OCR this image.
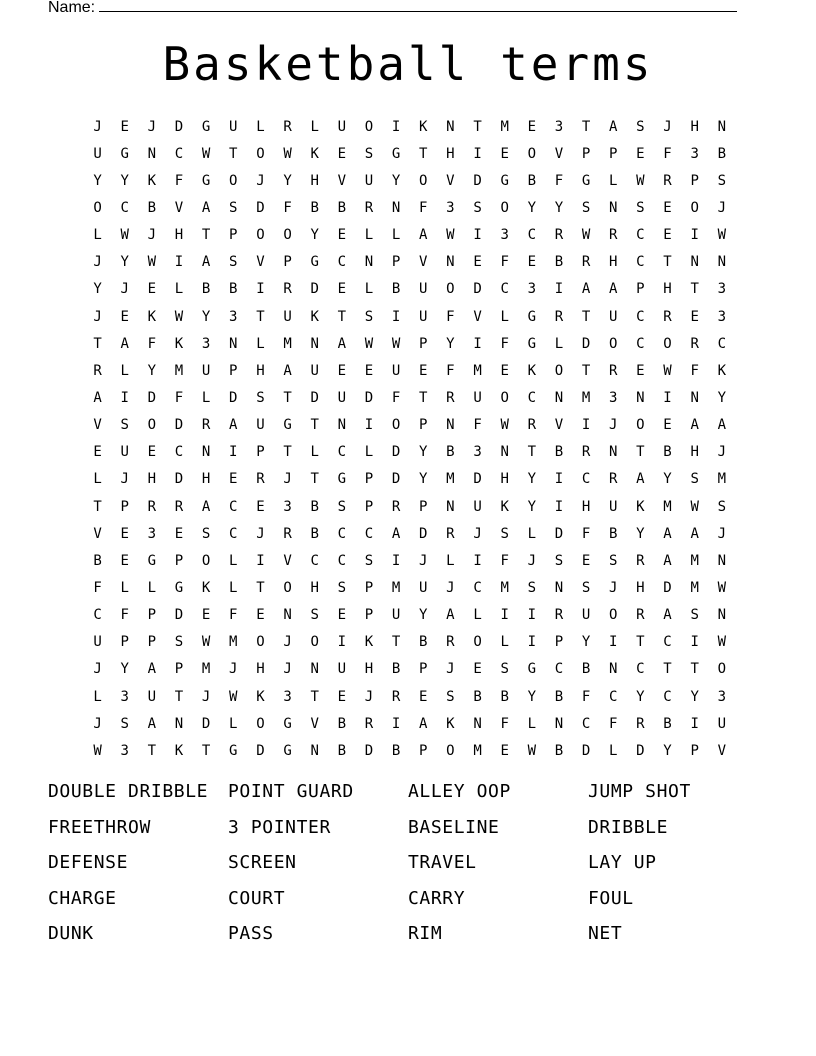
Name:
Basketball terms
J	E	J	D	G	U	L	R	L	U	O	I	K	N	T	M	E	3	T	A	S	J	H	N
U	G	N	C	W	T	O	W	K	E	S	G	T	H	I	E	O	V	P	P	E	F	3	B
Y	Y	K	F	G	O	J	Y	H	V	U	Y	O	V	D	G	B	F	G	L	W	R	P	S
O	C	B	V	A	S	D	F	B	B	R	N	F	3	S	O	Y	Y	S	N	S	E	O	J
L	W	J	H	T	P	O	O	Y	E	L	L	A	W	I	3	C	R	W	R	C	E	I	W
J	Y	W	I	A	S	V	P	G	C	N	P	V	N	E	F	E	B	R	H	C	T	N	N
Y	J	E	L	B	B	I	R	D	E	L	B	U	O	D	C	3	I	A	A	P	H	T	3
J	E	K	W	Y	3	T	U	K	T	S	I	U	F	V	L	G	R	T	U	C	R	E	3
T	A	F	K	3	N	L	M	N	A	W	W	P	Y	I	F	G	L	D	O	C	O	R	C
R	L	Y	M	U	P	H	A	U	E	E	U	E	F	M	E	K	O	T	R	E	W	F	K
A	I	D	F	L	D	S	T	D	U	D	F	T	R	U	O	C	N	M	3	N	I	N	Y
V	S	O	D	R	A	U	G	T	N	I	O	P	N	F	W	R	V	I	J	O	E	A	A
E	U	E	C	N	I	P	T	L	C	L	D	Y	B	3	N	T	B	R	N	T	B	H	J
L	J	H	D	H	E	R	J	T	G	P	D	Y	M	D	H	Y	I	C	R	A	Y	S	M
T	P	R	R	A	C	E	3	B	S	P	R	P	N	U	K	Y	I	H	U	K	M	W	S
V	E	3	E	S	C	J	R	B	C	C	A	D	R	J	S	L	D	F	B	Y	A	A	J
B	E	G	P	O	L	I	V	C	C	S	I	J	L	I	F	J	S	E	S	R	A	M	N
F	L	L	G	K	L	T	O	H	S	P	M	U	J	C	M	S	N	S	J	H	D	M	W
C	F	P	D	E	F	E	N	S	E	P	U	Y	A	L	I	I	R	U	O	R	A	S	N
U	P	P	S	W	M	O	J	O	I	K	T	B	R	O	L	I	P	Y	I	T	C	I	W
J	Y	A	P	M	J	H	J	N	U	H	B	P	J	E	S	G	C	B	N	C	T	T	O
L	3	U	T	J	W	K	3	T	E	J	R	E	S	B	B	Y	B	F	C	Y	C	Y	3
J	S	A	N	D	L	O	G	V	B	R	I	A	K	N	F	L	N	C	F	R	B	I	U
W	3	T	K	T	G	D	G	N	B	D	B	P	O	M	E	W	B	D	L	D	Y	P	V
DOUBLE DRIBBLE	POINT GUARD	ALLEY OOP	JUMP SHOT
FREETHROW	3 POINTER	BASELINE	DRIBBLE
DEFENSE	SCREEN	TRAVEL	LAY UP
CHARGE	COURT	CARRY	FOUL
DUNK	PASS	RIM	NET
